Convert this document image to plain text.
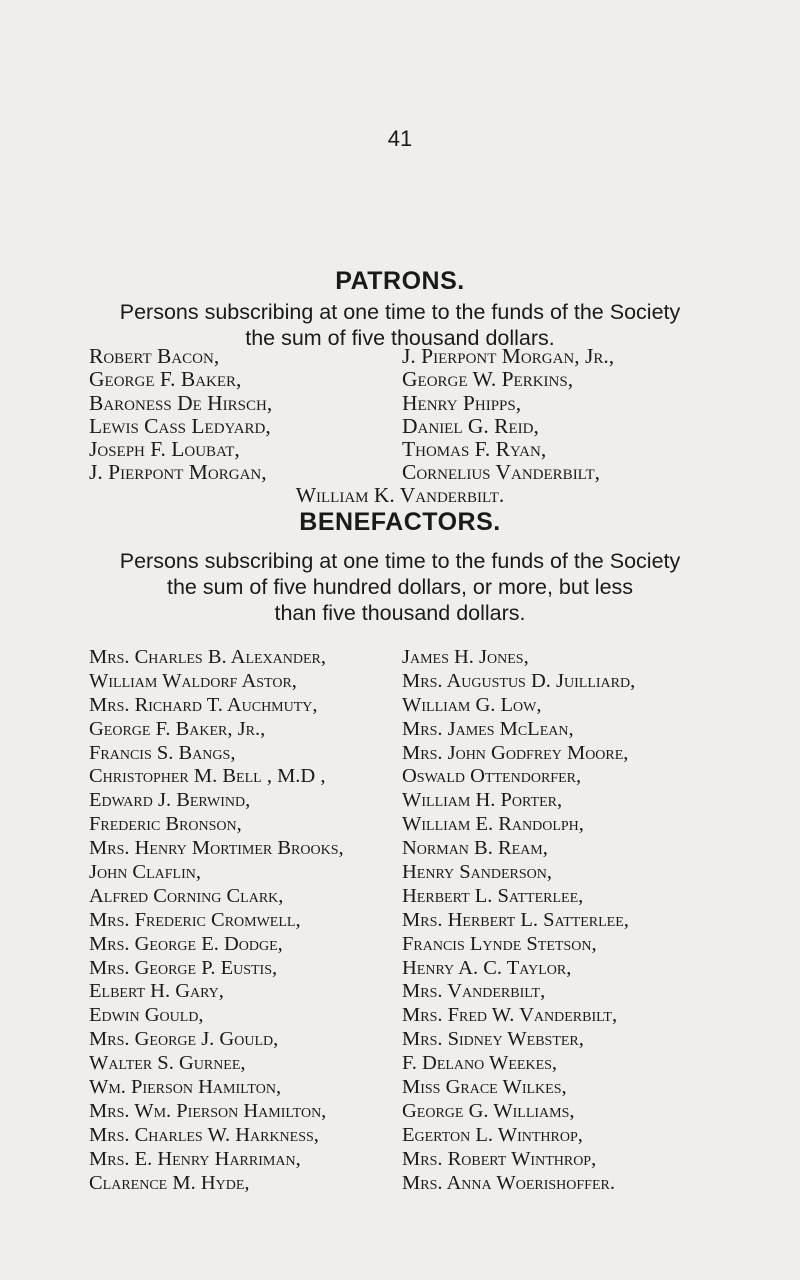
41
PATRONS.
Persons subscribing at one time to the funds of the Society
the sum of five thousand dollars.
Robert Bacon,
George F. Baker,
Baroness De Hirsch,
Lewis Cass Ledyard,
Joseph F. Loubat,
J. Pierpont Morgan,
J. Pierpont Morgan, Jr.,
George W. Perkins,
Henry Phipps,
Daniel G. Reid,
Thomas F. Ryan,
Cornelius Vanderbilt,
William K. Vanderbilt.
BENEFACTORS.
Persons subscribing at one time to the funds of the Society
the sum of five hundred dollars, or more, but less
than five thousand dollars.
Mrs. Charles B. Alexander,
William Waldorf Astor,
Mrs. Richard T. Auchmuty,
George F. Baker, Jr.,
Francis S. Bangs,
Christopher M. Bell , M.D ,
Edward J. Berwind,
Frederic Bronson,
Mrs. Henry Mortimer Brooks,
John Claflin,
Alfred Corning Clark,
Mrs. Frederic Cromwell,
Mrs. George E. Dodge,
Mrs. George P. Eustis,
Elbert H. Gary,
Edwin Gould,
Mrs. George J. Gould,
Walter S. Gurnee,
Wm. Pierson Hamilton,
Mrs. Wm. Pierson Hamilton,
Mrs. Charles W. Harkness,
Mrs. E. Henry Harriman,
Clarence M. Hyde,
James H. Jones,
Mrs. Augustus D. Juilliard,
William G. Low,
Mrs. James McLean,
Mrs. John Godfrey Moore,
Oswald Ottendorfer,
William H. Porter,
William E. Randolph,
Norman B. Ream,
Henry Sanderson,
Herbert L. Satterlee,
Mrs. Herbert L. Satterlee,
Francis Lynde Stetson,
Henry A. C. Taylor,
Mrs. Vanderbilt,
Mrs. Fred W. Vanderbilt,
Mrs. Sidney Webster,
F. Delano Weekes,
Miss Grace Wilkes,
George G. Williams,
Egerton L. Winthrop,
Mrs. Robert Winthrop,
Mrs. Anna Woerishoffer.
